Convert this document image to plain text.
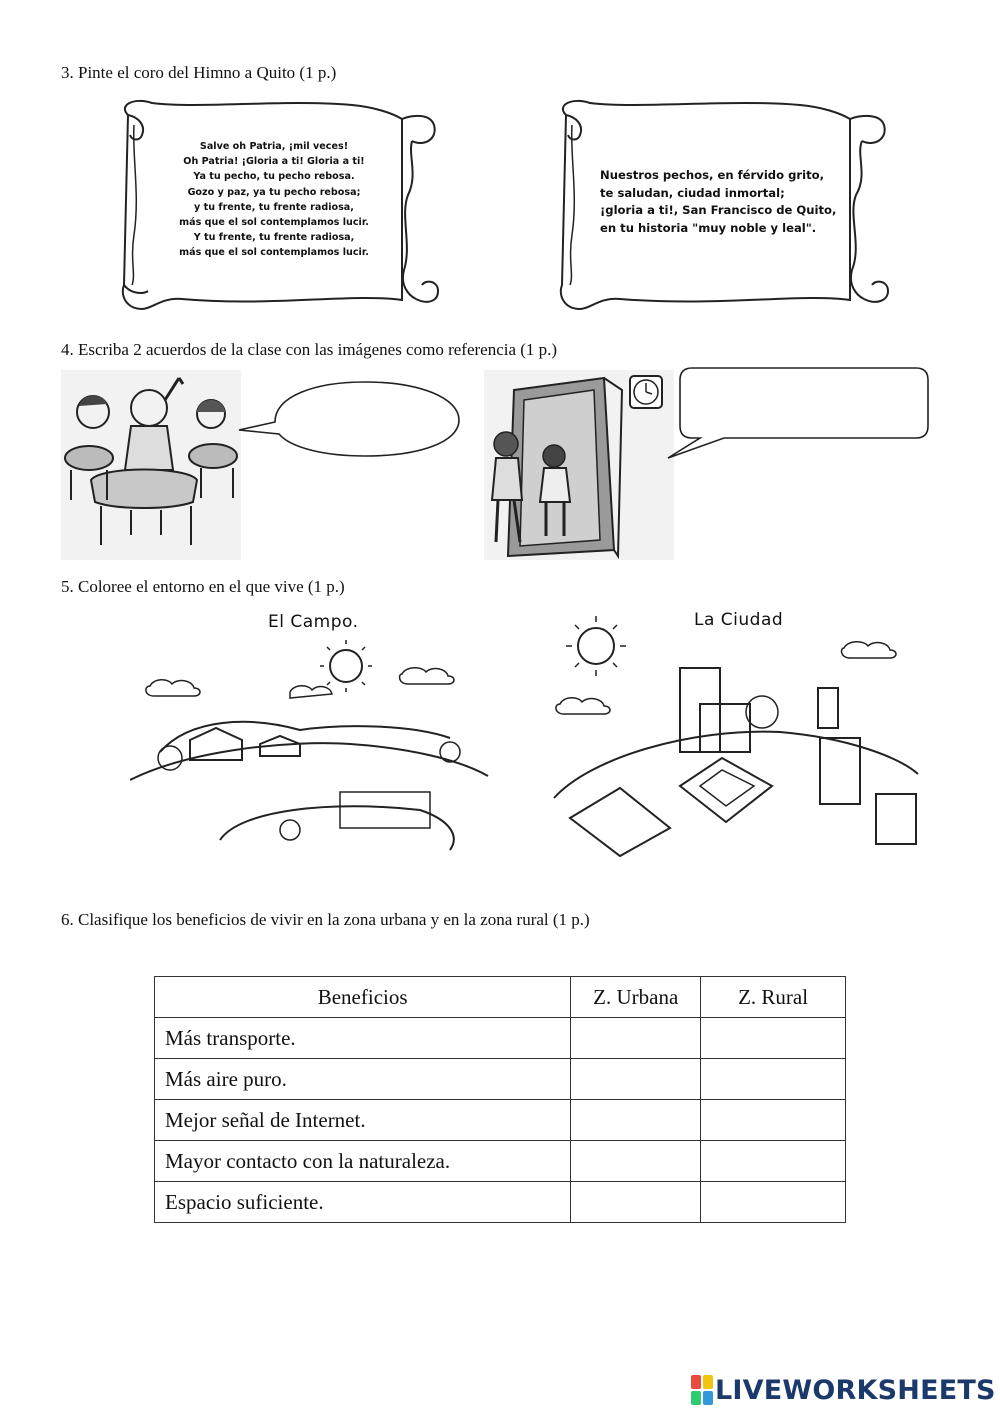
3. Pinte el coro del Himno a Quito (1 p.)

Salve oh Patria, ¡mil veces!
Oh Patria! ¡Gloria a ti! Gloria a ti!
Ya tu pecho, tu pecho rebosa.
Gozo y paz, ya tu pecho rebosa;
y tu frente, tu frente radiosa,
más que el sol contemplamos lucir.
Y tu frente, tu frente radiosa,
más que el sol contemplamos lucir.
Nuestros pechos, en férvido grito,
te saludan, ciudad inmortal;
¡gloria a ti!, San Francisco de Quito,
en tu historia "muy noble y leal".

4. Escriba 2 acuerdos de la clase con las imágenes como referencia (1 p.)

5. Coloree el entorno en el que vive (1 p.)

El Campo.	La Ciudad

6. Clasifique los beneficios de vivir en la zona urbana y en la zona rural (1 p.)

Beneficios	Z. Urbana	Z. Rural
Más transporte.		
Más aire puro.		
Mejor señal de Internet.		
Mayor contacto con la naturaleza.		
Espacio suficiente.		
LIVEWORKSHEETS
